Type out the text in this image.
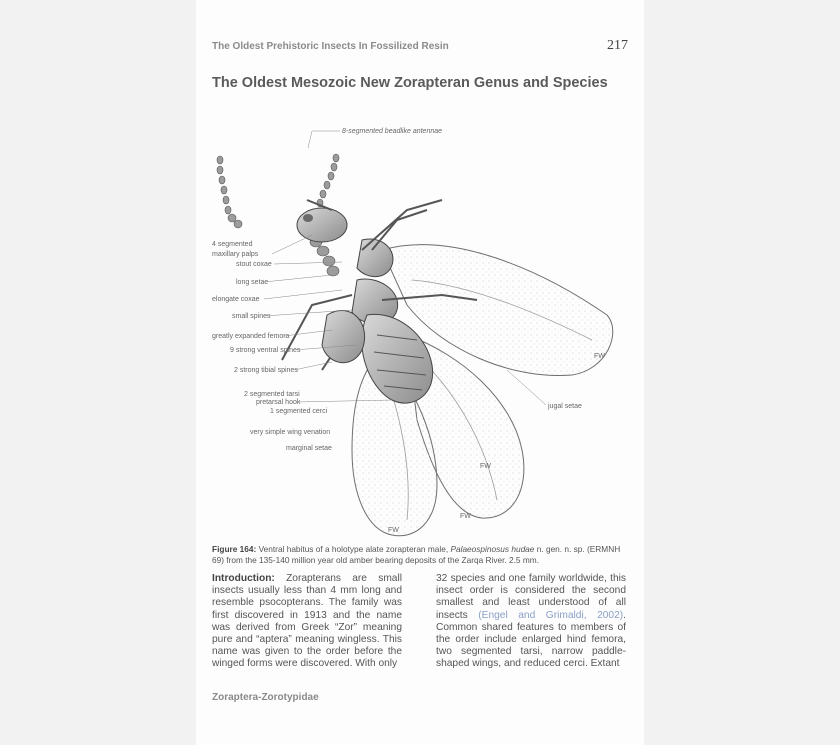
The Oldest Prehistoric Insects In Fossilized Resin	217
The Oldest Mesozoic New Zorapteran Genus and Species
8-segmented beadlike antennae
4 segmented
maxillary palps
stout coxae
long setae
elongate coxae
small spines
greatly expanded femora
9 strong ventral spines
2 strong tibial spines
2 segmented tarsi
pretarsal hook
1 segmented cerci
very simple wing venation
marginal setae
jugal setae
FW
FW
FW
FW
Figure 164: Ventral habitus of a holotype alate zorapteran male, Palaeospinosus hudae n. gen. n. sp. (ERMNH 69) from the 135-140 million year old amber bearing deposits of the Zarqa River. 2.5 mm.
Introduction: Zorapterans are small insects usually less than 4 mm long and resemble psocopterans. The family was first discovered in 1913 and the name was derived from Greek “Zor” meaning pure and “aptera” meaning wingless. This name was given to the order before the winged forms were discovered. With only
32 species and one family worldwide, this insect order is considered the second smallest and least understood of all insects (Engel and Grimaldi, 2002). Common shared features to members of the order include enlarged hind femora, two segmented tarsi, narrow paddle-shaped wings, and reduced cerci. Extant
Zoraptera-Zorotypidae
